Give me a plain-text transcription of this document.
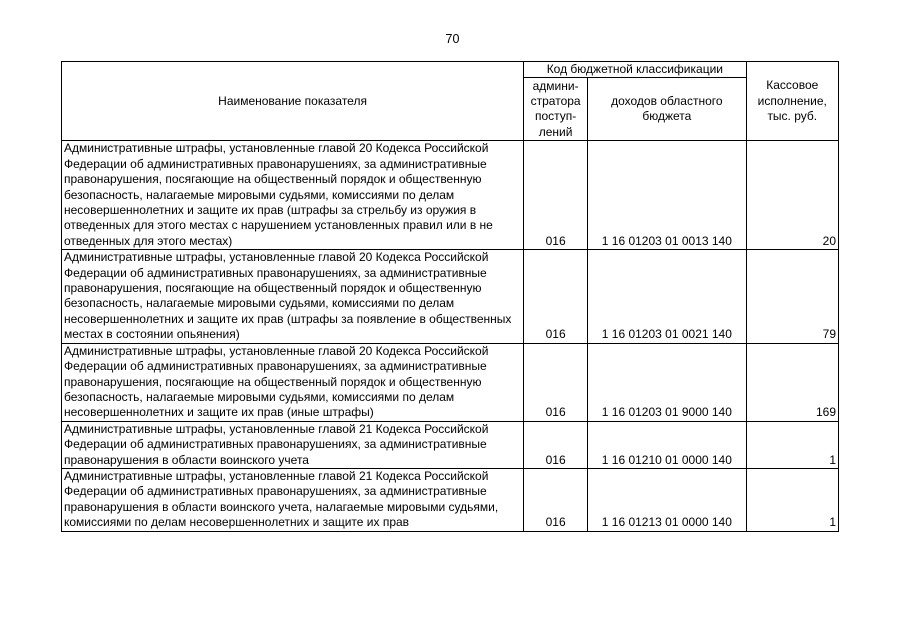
70
Наименование показателя	Код бюджетной классификации		Кассовое исполнение, тыс. руб.
	админи-стратора поступ-лений	доходов областного бюджета	
Административные штрафы, установленные главой 20 Кодекса Российской Федерации об административных правонарушениях, за административные правонарушения, посягающие на общественный порядок и общественную безопасность, налагаемые мировыми судьями, комиссиями по делам несовершеннолетних и защите их прав (штрафы за стрельбу из оружия в отведенных для этого местах с нарушением установленных правил или в не отведенных для этого местах)	016	1 16 01203 01 0013 140	20
Административные штрафы, установленные главой 20 Кодекса Российской Федерации об административных правонарушениях, за административные правонарушения, посягающие на общественный порядок и общественную безопасность, налагаемые мировыми судьями, комиссиями по делам несовершеннолетних и защите их прав (штрафы за появление в общественных местах в состоянии опьянения)	016	1 16 01203 01 0021 140	79
Административные штрафы, установленные главой 20 Кодекса Российской Федерации об административных правонарушениях, за административные правонарушения, посягающие на общественный порядок и общественную безопасность, налагаемые мировыми судьями, комиссиями по делам несовершеннолетних и защите их прав (иные штрафы)	016	1 16 01203 01 9000 140	169
Административные штрафы, установленные главой 21 Кодекса Российской Федерации об административных правонарушениях, за административные правонарушения в области воинского учета	016	1 16 01210 01 0000 140	1
Административные штрафы, установленные главой 21 Кодекса Российской Федерации об административных правонарушениях, за административные правонарушения в области воинского учета, налагаемые мировыми судьями, комиссиями по делам несовершеннолетних и защите их прав	016	1 16 01213 01 0000 140	1
